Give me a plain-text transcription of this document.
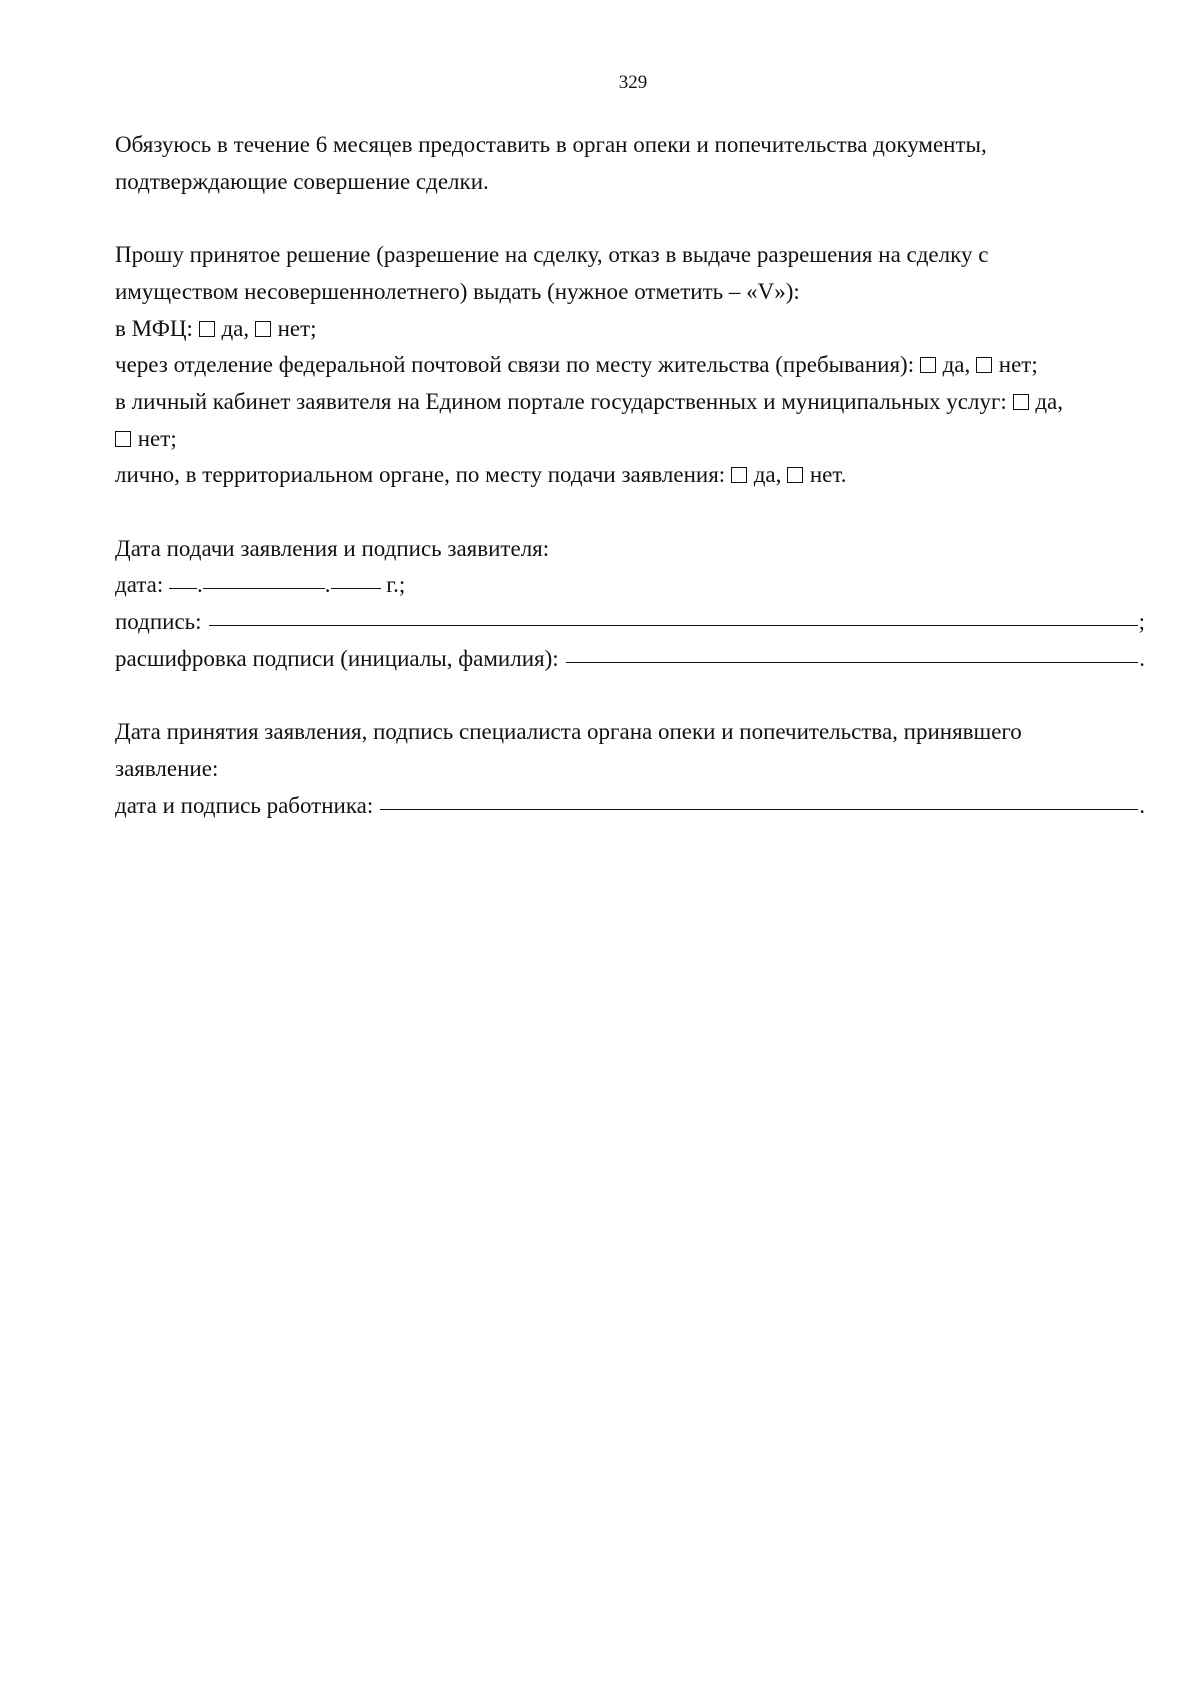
329
Обязуюсь в течение 6 месяцев предоставить в орган опеки и попечительства документы,
подтверждающие совершение сделки.
Прошу принятое решение (разрешение на сделку, отказ в выдаче разрешения на сделку с
имуществом несовершеннолетнего) выдать (нужное отметить – «V»):
в МФЦ:  да,  нет;
через отделение федеральной почтовой связи по месту жительства (пребывания):  да,  нет;
в личный кабинет заявителя на Едином портале государственных и муниципальных услуг:  да,
нет;
лично, в территориальном органе, по месту подачи заявления:  да,  нет.
Дата подачи заявления и подпись заявителя:
дата: .	. г.;
подпись:	;
расшифровка подписи (инициалы, фамилия):	.
Дата принятия заявления, подпись специалиста органа опеки и попечительства, принявшего
заявление:
дата и подпись работника:	.
